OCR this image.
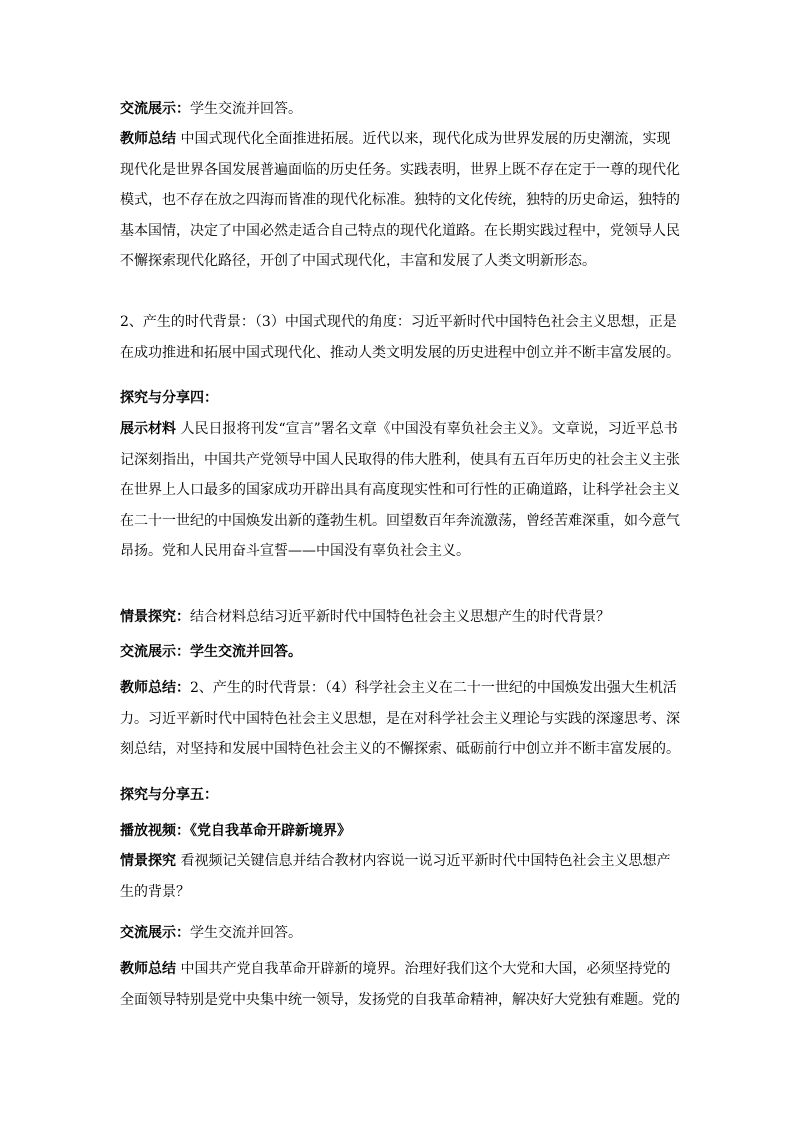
交流展示：学生交流并回答。

教师总结 中国式现代化全面推进拓展。近代以来，现代化成为世界发展的历史潮流，实现现代化是世界各国发展普遍面临的历史任务。实践表明，世界上既不存在定于一尊的现代化模式，也不存在放之四海而皆准的现代化标准。独特的文化传统，独特的历史命运，独特的基本国情，决定了中国必然走适合自己特点的现代化道路。在长期实践过程中，党领导人民不懈探索现代化路径，开创了中国式现代化，丰富和发展了人类文明新形态。

2、产生的时代背景：（3）中国式现代的角度：习近平新时代中国特色社会主义思想，正是在成功推进和拓展中国式现代化、推动人类文明发展的历史进程中创立并不断丰富发展的。

探究与分享四：

展示材料 人民日报将刊发“宣言”署名文章《中国没有辜负社会主义》。文章说，习近平总书记深刻指出，中国共产党领导中国人民取得的伟大胜利，使具有五百年历史的社会主义主张在世界上人口最多的国家成功开辟出具有高度现实性和可行性的正确道路，让科学社会主义在二十一世纪的中国焕发出新的蓬勃生机。回望数百年奔流激荡，曾经苦难深重，如今意气昂扬。党和人民用奋斗宣誓——中国没有辜负社会主义。

情景探究：结合材料总结习近平新时代中国特色社会主义思想产生的时代背景？

交流展示：学生交流并回答。

教师总结：2、产生的时代背景：（4）科学社会主义在二十一世纪的中国焕发出强大生机活力。习近平新时代中国特色社会主义思想，是在对科学社会主义理论与实践的深邃思考、深刻总结，对坚持和发展中国特色社会主义的不懈探索、砥砺前行中创立并不断丰富发展的。

探究与分享五：

播放视频：《党自我革命开辟新境界》

情景探究 看视频记关键信息并结合教材内容说一说习近平新时代中国特色社会主义思想产生的背景？

交流展示：学生交流并回答。

教师总结 中国共产党自我革命开辟新的境界。治理好我们这个大党和大国，必须坚持党的全面领导特别是党中央集中统一领导，发扬党的自我革命精神，解决好大党独有难题。党的
